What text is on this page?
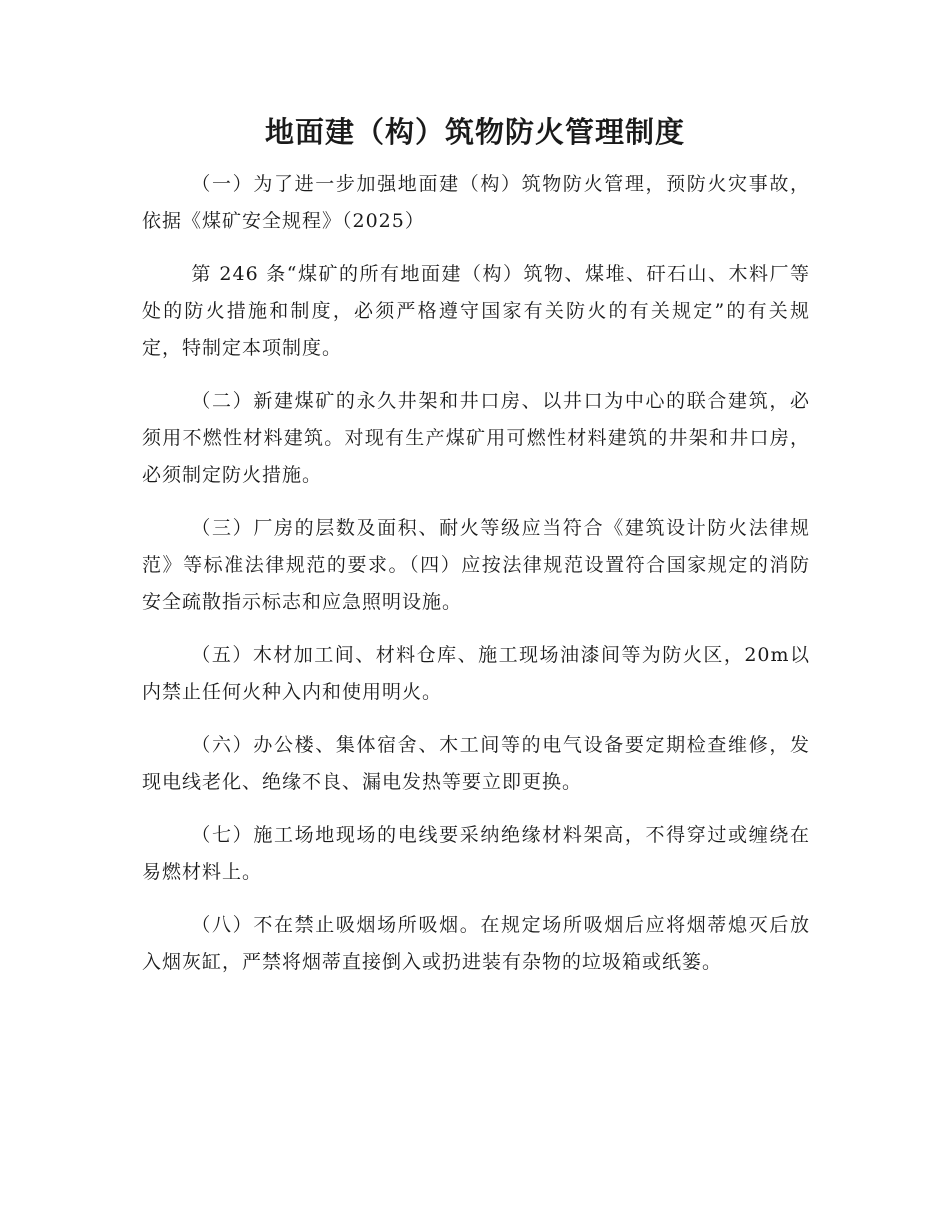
地面建（构）筑物防火管理制度

（一）为了进一步加强地面建（构）筑物防火管理，预防火灾事故，依据《煤矿安全规程》（2025）

第 246 条“煤矿的所有地面建（构）筑物、煤堆、矸石山、木料厂等处的防火措施和制度，必须严格遵守国家有关防火的有关规定”的有关规定，特制定本项制度。

（二）新建煤矿的永久井架和井口房、以井口为中心的联合建筑，必须用不燃性材料建筑。对现有生产煤矿用可燃性材料建筑的井架和井口房，必须制定防火措施。

（三）厂房的层数及面积、耐火等级应当符合《建筑设计防火法律规范》等标准法律规范的要求。（四）应按法律规范设置符合国家规定的消防安全疏散指示标志和应急照明设施。

（五）木材加工间、材料仓库、施工现场油漆间等为防火区，20m以内禁止任何火种入内和使用明火。

（六）办公楼、集体宿舍、木工间等的电气设备要定期检查维修，发现电线老化、绝缘不良、漏电发热等要立即更换。

（七）施工场地现场的电线要采纳绝缘材料架高，不得穿过或缠绕在易燃材料上。

（八）不在禁止吸烟场所吸烟。在规定场所吸烟后应将烟蒂熄灭后放入烟灰缸，严禁将烟蒂直接倒入或扔进装有杂物的垃圾箱或纸篓。
